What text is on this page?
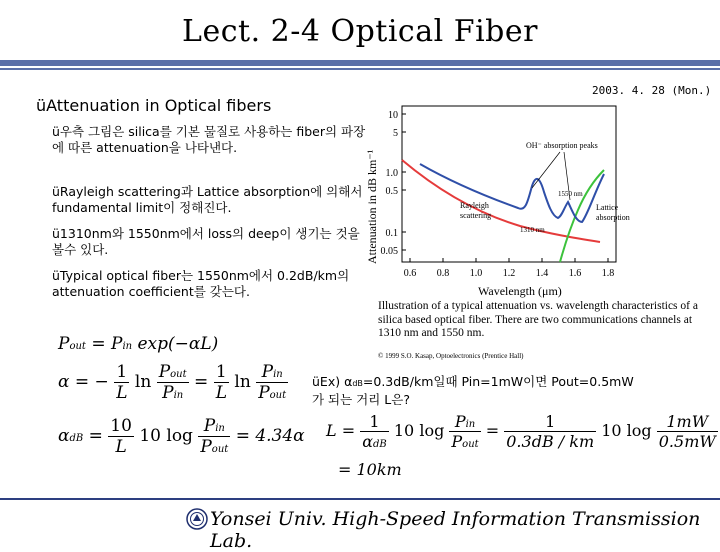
Lect. 2-4 Optical Fiber
2003. 4. 28 (Mon.)
üAttenuation in Optical fibers
ü우측 그림은 silica를 기본 물질로 사용하는 fiber의 파장에 따른 attenuation을 나타낸다.
üRayleigh scattering과 Lattice absorption에 의해서 fundamental limit이 정해진다.
ü1310nm와 1550nm에서 loss의 deep이 생기는 것을 볼수 있다.
üTypical optical fiber는 1550nm에서 0.2dB/km의 attenuation coefficient를 갖는다.
Pout = Pin exp(−αL)
α = − $\frac{1}{L}$ $\ln \frac{\text{Pout}}{\text{Pin}} = \frac{1}{L}$ $\ln \frac{\text{Pin}}{\text{Pout}}$
$\alpha dB = \frac{10}{L} 10$ $\log \frac{\text{Pin}}{\text{Pout}} = 4.34\alpha$
Attenuation in dB km⁻¹
10
5
1.0
0.5
0.1
0.05
0.6 0.8 1.0 1.2 1.4 1.6 1.8
OH⁻ absorption peaks
1550 nm
1310 nm
Rayleigh
scattering
Lattice
absorption
Wavelength (μm)
Illustration of a typical attenuation vs. wavelength characteristics of a silica based optical fiber. There are two communications channels at 1310 nm and 1550 nm.
© 1999 S.O. Kasap, Optoelectronics (Prentice Hall)
üEx) αdB=0.3dB/km일때 Pin=1mW이면 Pout=0.5mW
가 되는 거리 L은?
$L = \frac{1}{\text{αdB}} 10$ $\log \frac{\text{Pin}}{\text{Pout}} = \frac{1}{0.3dB / km} 10$ $\log \frac{1mW}{0.5mW}$
= 10km
Yonsei Univ. High-Speed Information Transmission Lab.
